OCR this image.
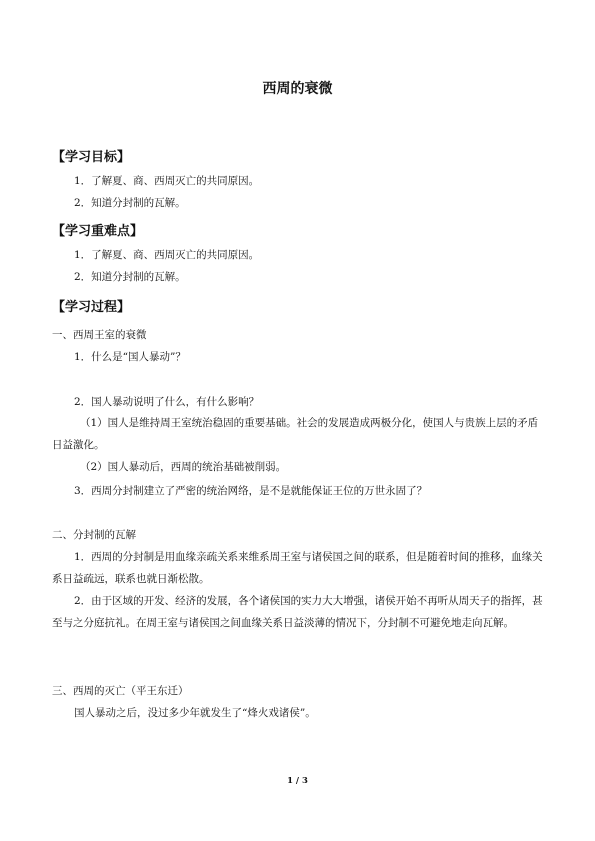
西周的衰微
【学习目标】
1．了解夏、商、西周灭亡的共同原因。
2．知道分封制的瓦解。
【学习重难点】
1．了解夏、商、西周灭亡的共同原因。
2．知道分封制的瓦解。
【学习过程】
一、西周王室的衰微
1．什么是“国人暴动”？
2．国人暴动说明了什么，有什么影响？
（1）国人是维持周王室统治稳固的重要基础。社会的发展造成两极分化，使国人与贵族上层的矛盾日益激化。
（2）国人暴动后，西周的统治基础被削弱。
3．西周分封制建立了严密的统治网络，是不是就能保证王位的万世永固了？
二、分封制的瓦解
1．西周的分封制是用血缘亲疏关系来维系周王室与诸侯国之间的联系，但是随着时间的推移，血缘关系日益疏远，联系也就日渐松散。
2．由于区域的开发、经济的发展，各个诸侯国的实力大大增强，诸侯开始不再听从周天子的指挥，甚至与之分庭抗礼。在周王室与诸侯国之间血缘关系日益淡薄的情况下，分封制不可避免地走向瓦解。
三、西周的灭亡（平王东迁）
国人暴动之后，没过多少年就发生了“烽火戏诸侯”。
1 / 3
